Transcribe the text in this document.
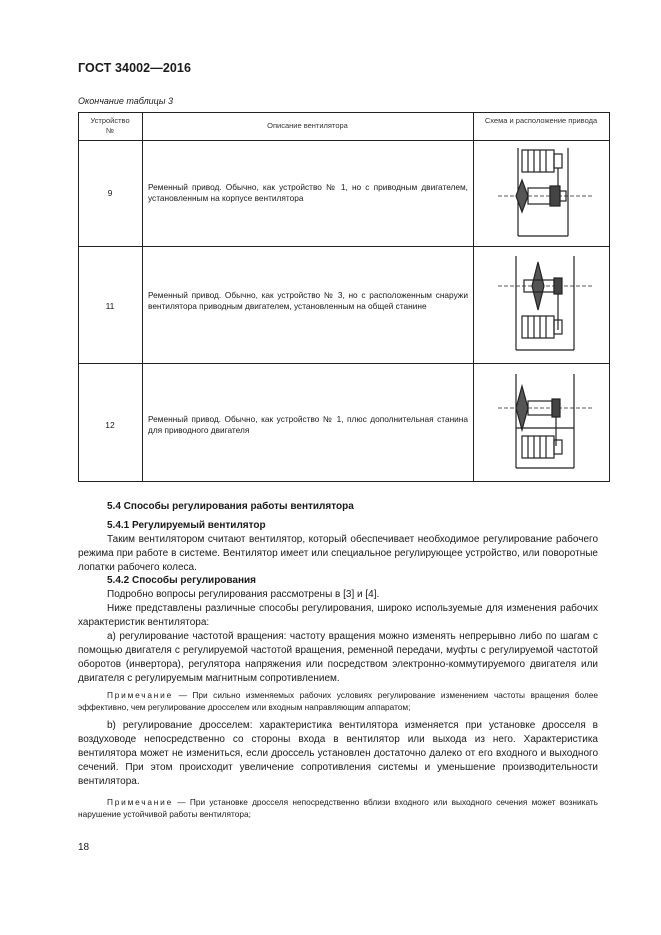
ГОСТ 34002—2016
Окончание таблицы 3
Устройство №
Описание вентилятора
Схема и расположение привода
9
Ременный привод. Обычно, как устройство № 1, но с приводным двигателем, установленным на корпусе вентилятора
11
Ременный привод. Обычно, как устройство № 3, но с расположенным снаружи вентилятора приводным двигателем, установленным на общей станине
12
Ременный привод. Обычно, как устройство № 1, плюс дополнительная станина для приводного двигателя
5.4 Способы регулирования работы вентилятора
5.4.1 Регулируемый вентилятор
Таким вентилятором считают вентилятор, который обеспечивает необходимое регулирование рабочего режима при работе в системе. Вентилятор имеет или специальное регулирующее устройство, или поворотные лопатки рабочего колеса.
5.4.2 Способы регулирования
Подробно вопросы регулирования рассмотрены в [3] и [4].
Ниже представлены различные способы регулирования, широко используемые для изменения рабочих характеристик вентилятора:
а) регулирование частотой вращения: частоту вращения можно изменять непрерывно либо по шагам с помощью двигателя с регулируемой частотой вращения, ременной передачи, муфты с регулируемой частотой оборотов (инвертора), регулятора напряжения или посредством электронно-коммутируемого двигателя или двигателя с регулируемым магнитным сопротивлением.
Примечание — При сильно изменяемых рабочих условиях регулирование изменением частоты вращения более эффективно, чем регулирование дросселем или входным направляющим аппаратом;
b) регулирование дросселем: характеристика вентилятора изменяется при установке дросселя в воздуховоде непосредственно со стороны входа в вентилятор или выхода из него. Характеристика вентилятора может не измениться, если дроссель установлен достаточно далеко от его входного и выходного сечений. При этом происходит увеличение сопротивления системы и уменьшение производительности вентилятора.
Примечание — При установке дросселя непосредственно вблизи входного или выходного сечения может возникать нарушение устойчивой работы вентилятора;
18
